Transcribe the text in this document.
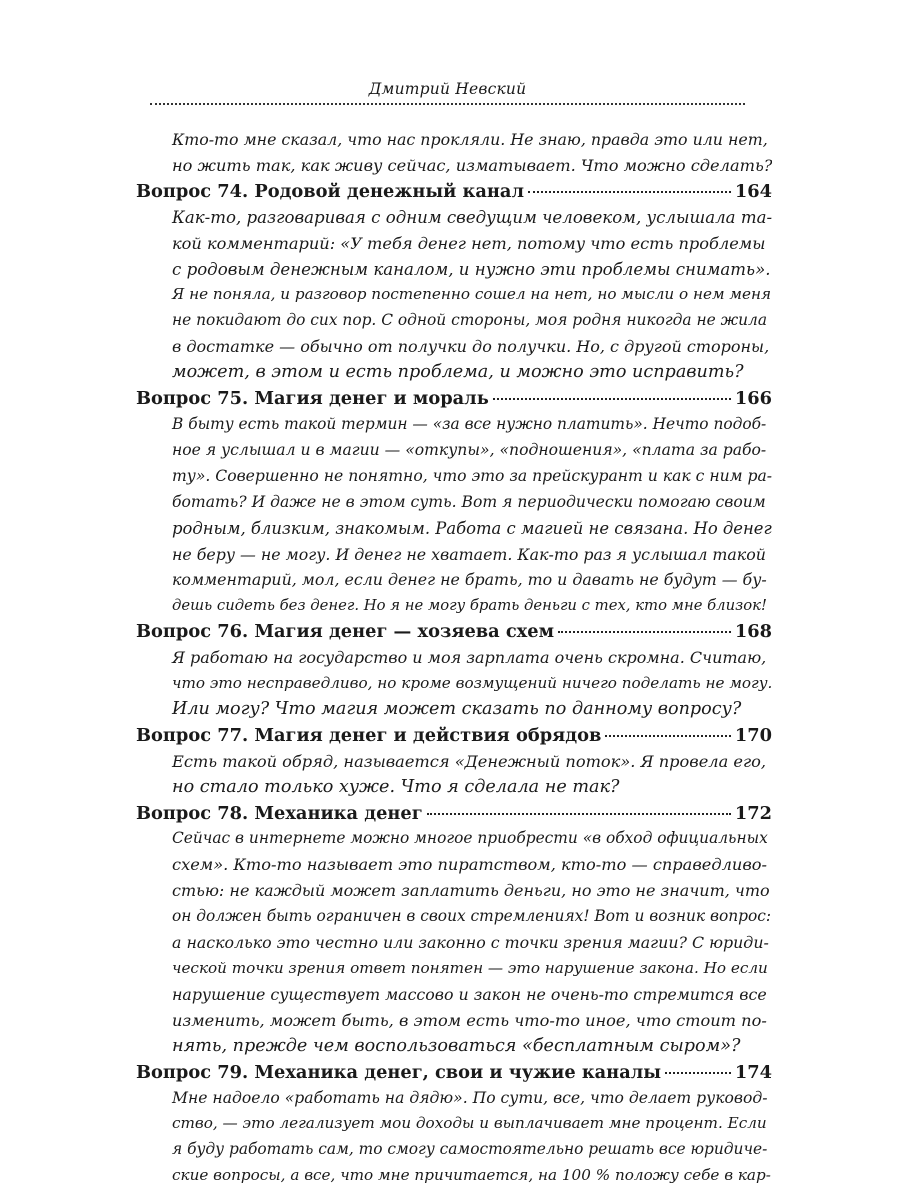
Дмитрий Невский
Кто-то мне сказал, что нас прокляли. Не знаю, правда это или нет,
но жить так, как живу сейчас, изматывает. Что можно сделать?
Вопрос 74. Родовой денежный канал	164
Как-то, разговаривая с одним сведущим человеком, услышала та-
кой комментарий: «У тебя денег нет, потому что есть проблемы
с родовым денежным каналом, и нужно эти проблемы снимать».
Я не поняла, и разговор постепенно сошел на нет, но мысли о нем меня
не покидают до сих пор. С одной стороны, моя родня никогда не жила
в достатке — обычно от получки до получки. Но, с другой стороны,
может, в этом и есть проблема, и можно это исправить?
Вопрос 75. Магия денег и мораль	166
В быту есть такой термин — «за все нужно платить». Нечто подоб-
ное я услышал и в магии — «откупы», «подношения», «плата за рабо-
ту». Совершенно не понятно, что это за прейскурант и как с ним ра-
ботать? И даже не в этом суть. Вот я периодически помогаю своим
родным, близким, знакомым. Работа с магией не связана. Но денег
не беру — не могу. И денег не хватает. Как-то раз я услышал такой
комментарий, мол, если денег не брать, то и давать не будут — бу-
дешь сидеть без денег. Но я не могу брать деньги с тех, кто мне близок!
Вопрос 76. Магия денег — хозяева схем	168
Я работаю на государство и моя зарплата очень скромна. Считаю,
что это несправедливо, но кроме возмущений ничего поделать не могу.
Или могу? Что магия может сказать по данному вопросу?
Вопрос 77. Магия денег и действия обрядов	170
Есть такой обряд, называется «Денежный поток». Я провела его,
но стало только хуже. Что я сделала не так?
Вопрос 78. Механика денег	172
Сейчас в интернете можно многое приобрести «в обход официальных
схем». Кто-то называет это пиратством, кто-то — справедливо-
стью: не каждый может заплатить деньги, но это не значит, что
он должен быть ограничен в своих стремлениях! Вот и возник вопрос:
а насколько это честно или законно с точки зрения магии? С юриди-
ческой точки зрения ответ понятен — это нарушение закона. Но если
нарушение существует массово и закон не очень-то стремится все
изменить, может быть, в этом есть что-то иное, что стоит по-
нять, прежде чем воспользоваться «бесплатным сыром»?
Вопрос 79. Механика денег, свои и чужие каналы	174
Мне надоело «работать на дядю». По сути, все, что делает руковод-
ство, — это легализует мои доходы и выплачивает мне процент. Если
я буду работать сам, то смогу самостоятельно решать все юридиче-
ские вопросы, а все, что мне причитается, на 100 % положу себе в кар-
